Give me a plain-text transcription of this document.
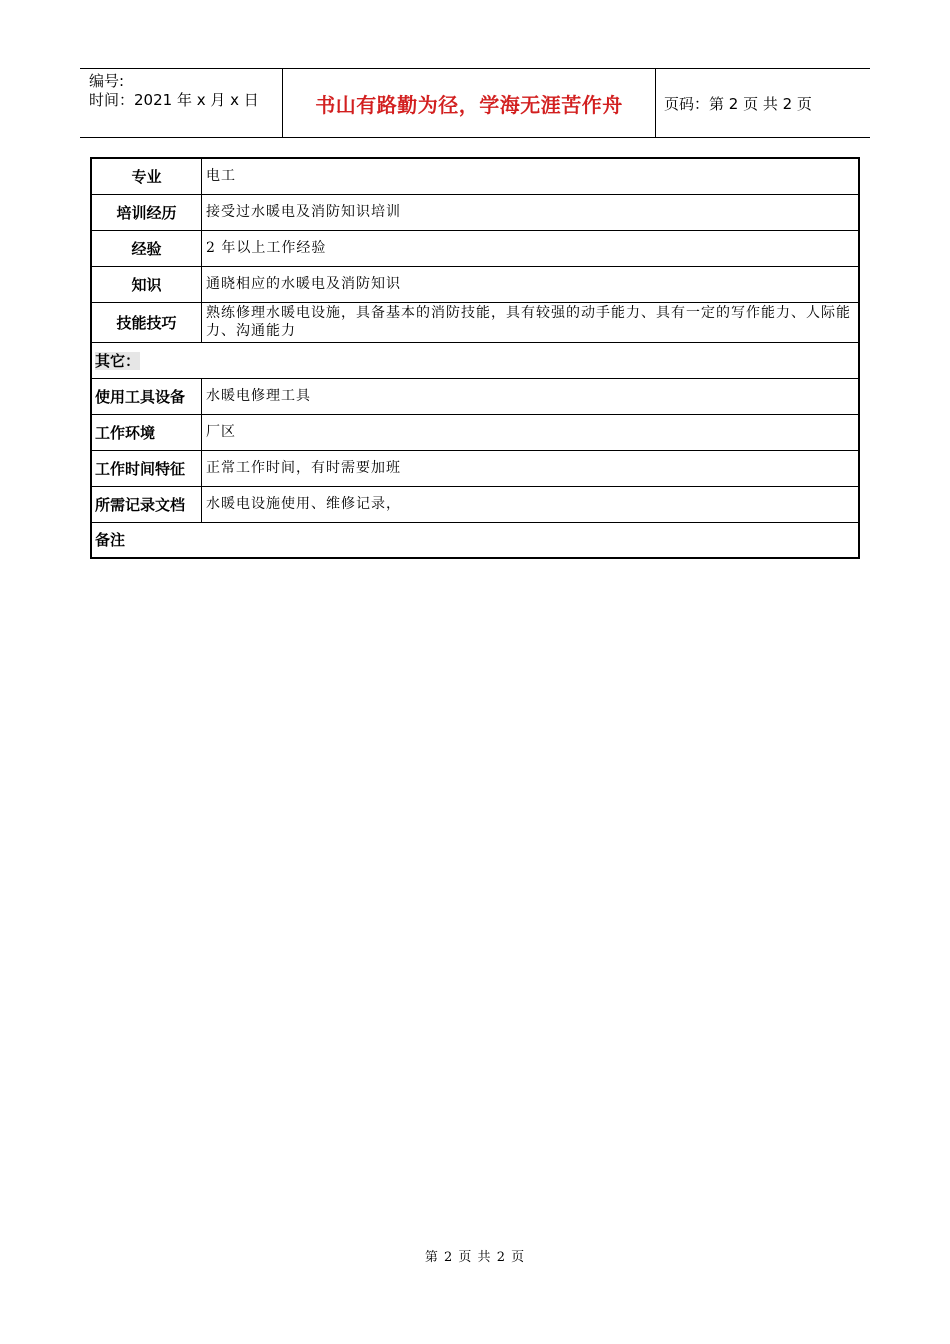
编号:
时间：2021 年 x 月 x 日	书山有路勤为径，学海无涯苦作舟	页码：第 2 页 共 2 页
专业	电工
培训经历	接受过水暖电及消防知识培训
经验	2 年以上工作经验
知识	通晓相应的水暖电及消防知识
技能技巧	熟练修理水暖电设施，具备基本的消防技能，具有较强的动手能力、具有一定的写作能力、人际能力、沟通能力
其它：	
使用工具设备	水暖电修理工具
工作环境	厂区
工作时间特征	正常工作时间，有时需要加班
所需记录文档	水暖电设施使用、维修记录，
备注	
第 2 页 共 2 页
